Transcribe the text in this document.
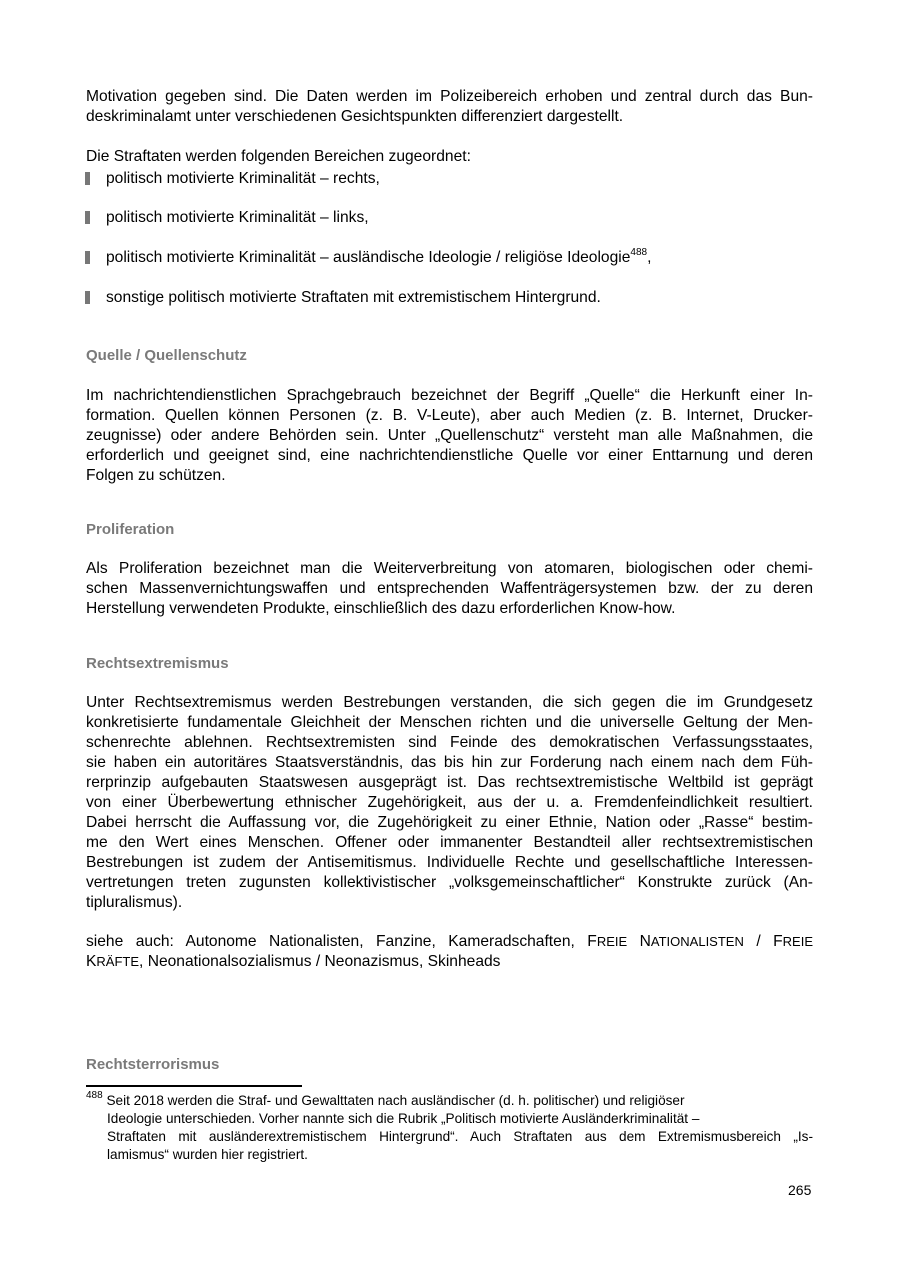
Motivation gegeben sind. Die Daten werden im Polizeibereich erhoben und zentral durch das Bun-
deskriminalamt unter verschiedenen Gesichtspunkten differenziert dargestellt.
Die Straftaten werden folgenden Bereichen zugeordnet:
politisch motivierte Kriminalität – rechts,
politisch motivierte Kriminalität – links,
politisch motivierte Kriminalität – ausländische Ideologie / religiöse Ideologie$^{488}$,
sonstige politisch motivierte Straftaten mit extremistischem Hintergrund.
Quelle / Quellenschutz
Im nachrichtendienstlichen Sprachgebrauch bezeichnet der Begriff „Quelle“ die Herkunft einer In-
formation. Quellen können Personen (z. B. V-Leute), aber auch Medien (z. B. Internet, Drucker-
zeugnisse) oder andere Behörden sein. Unter „Quellenschutz“ versteht man alle Maßnahmen, die
erforderlich und geeignet sind, eine nachrichtendienstliche Quelle vor einer Enttarnung und deren
Folgen zu schützen.
Proliferation
Als Proliferation bezeichnet man die Weiterverbreitung von atomaren, biologischen oder chemi-
schen Massenvernichtungswaffen und entsprechenden Waffenträgersystemen bzw. der zu deren
Herstellung verwendeten Produkte, einschließlich des dazu erforderlichen Know-how.
Rechtsextremismus
Unter Rechtsextremismus werden Bestrebungen verstanden, die sich gegen die im Grundgesetz
konkretisierte fundamentale Gleichheit der Menschen richten und die universelle Geltung der Men-
schenrechte ablehnen. Rechtsextremisten sind Feinde des demokratischen Verfassungsstaates,
sie haben ein autoritäres Staatsverständnis, das bis hin zur Forderung nach einem nach dem Füh-
rerprinzip aufgebauten Staatswesen ausgeprägt ist. Das rechtsextremistische Weltbild ist geprägt
von einer Überbewertung ethnischer Zugehörigkeit, aus der u. a. Fremdenfeindlichkeit resultiert.
Dabei herrscht die Auffassung vor, die Zugehörigkeit zu einer Ethnie, Nation oder „Rasse“ bestim-
me den Wert eines Menschen. Offener oder immanenter Bestandteil aller rechtsextremistischen
Bestrebungen ist zudem der Antisemitismus. Individuelle Rechte und gesellschaftliche Interessen-
vertretungen treten zugunsten kollektivistischer „volksgemeinschaftlicher“ Konstrukte zurück (An-
tipluralismus).
siehe auch: Autonome Nationalisten, Fanzine, Kameradschaften, FREIE NATIONALISTEN / FREIE
KRÄFTE, Neonationalsozialismus / Neonazismus, Skinheads
Rechtsterrorismus
$^{488}$ Seit 2018 werden die Straf- und Gewalttaten nach ausländischer (d. h. politischer) und religiöser
Ideologie unterschieden. Vorher nannte sich die Rubrik „Politisch motivierte Ausländerkriminalität –
Straftaten mit ausländerextremistischem Hintergrund“. Auch Straftaten aus dem Extremismusbereich „Is-
lamismus“ wurden hier registriert.
265
